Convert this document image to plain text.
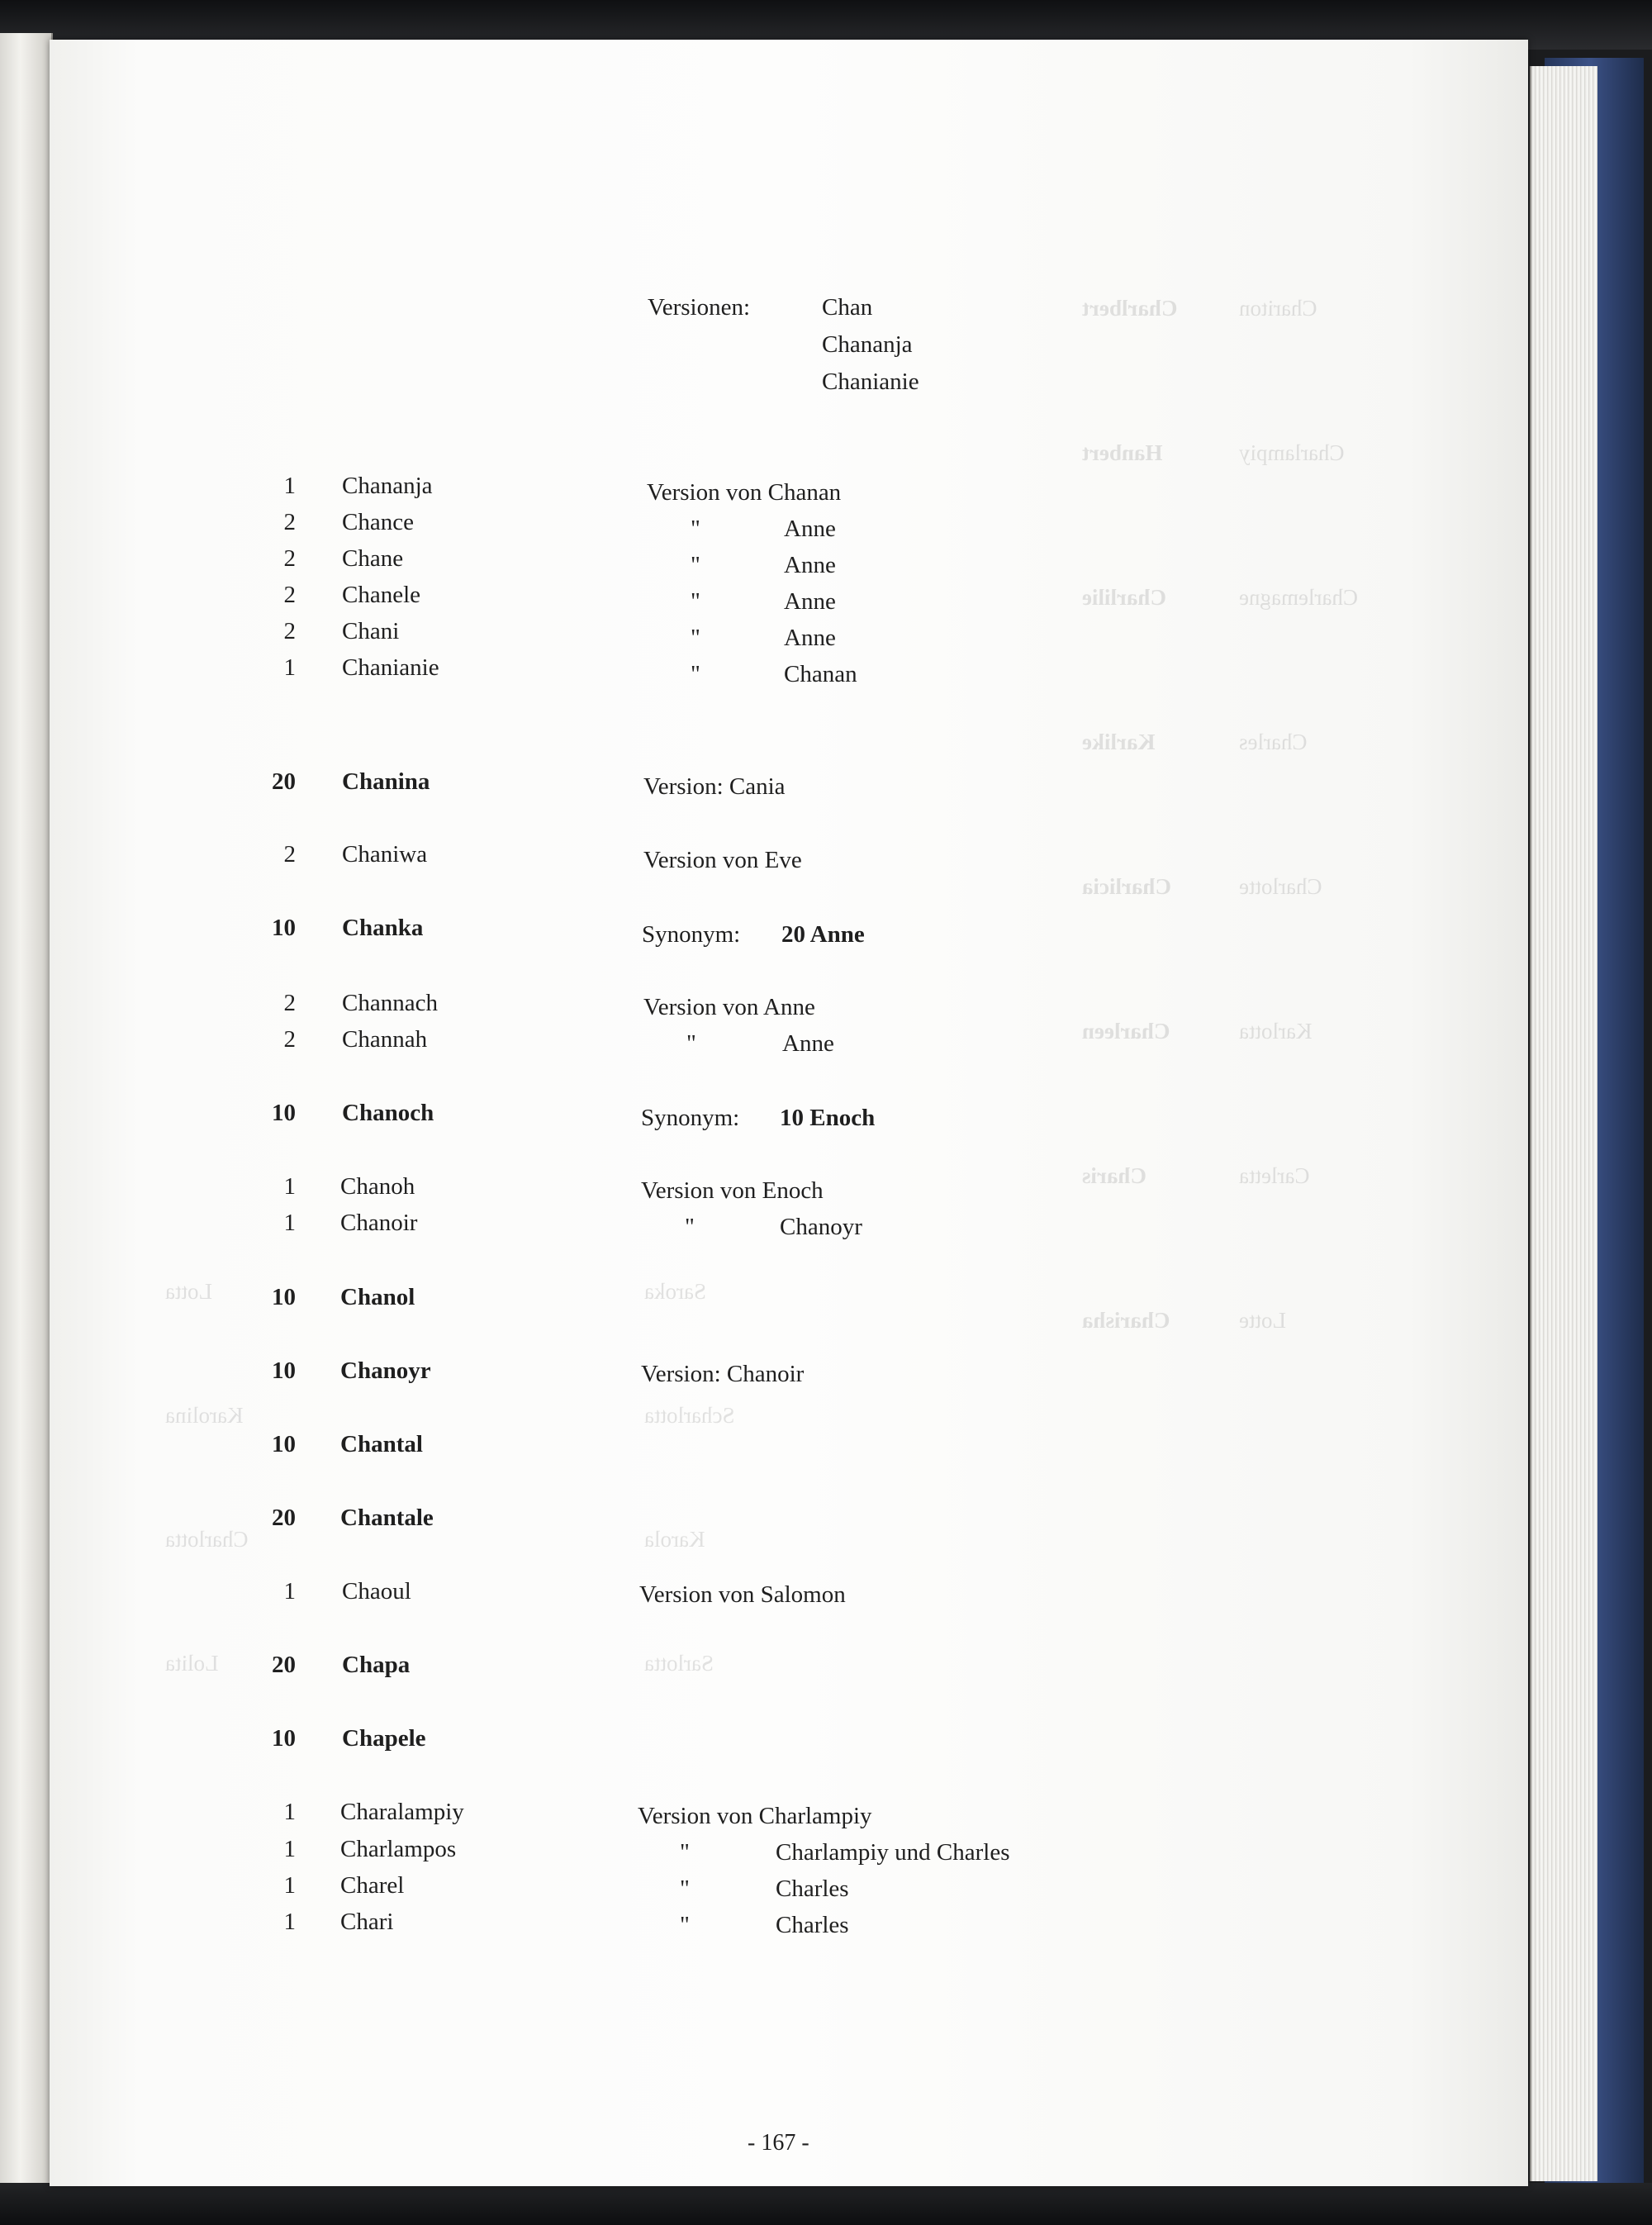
Charlbert
Hanbert
Charlilie
Karlike
Charlicia
Charleen
Charis
Charisha
Chariton
Charlampiy
Charlemagne
Charles
Charlotte
Karlotta
Carletta
Lotte
Saroka
Scharlotta
Karola
Sarlotta
Lotta
Karolina
Charlotta
Lolita
Versionen:	Chan
Chananja
Chanianie
1 Chananja	Version von Chanan
2 Chance	"	Anne
2 Chane	"	Anne
2 Chanele	"	Anne
2 Chani	"	Anne
1 Chanianie	"	Chanan
20 Chanina	Version: Cania
2 Chaniwa	Version von Eve
10 Chanka	Synonym: 20 Anne
2 Channach	Version von Anne
2 Channah	"	Anne
10 Chanoch	Synonym: 10 Enoch
1 Chanoh	Version von Enoch
1 Chanoir	"	Chanoyr
10 Chanol
10 Chanoyr	Version: Chanoir
10 Chantal
20 Chantale
1 Chaoul	Version von Salomon
20 Chapa
10 Chapele
1 Charalampiy	Version von Charlampiy
1 Charlampos	"	Charlampiy und Charles
1 Charel	"	Charles
1 Chari	"	Charles
- 167 -
